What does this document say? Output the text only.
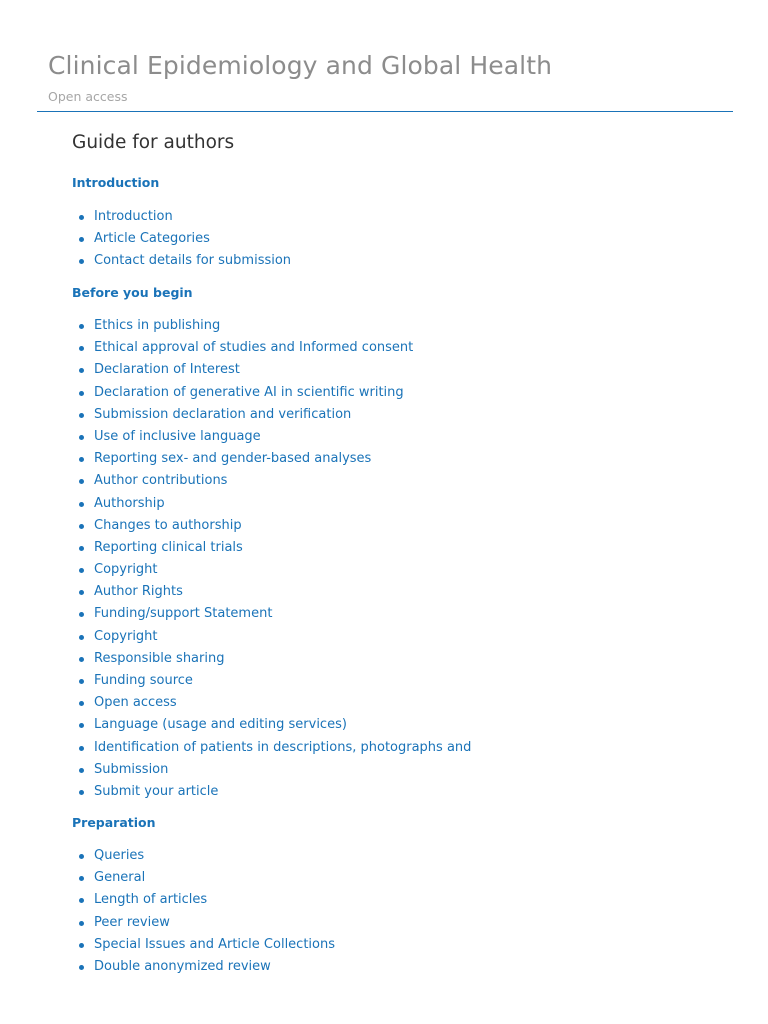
Clinical Epidemiology and Global Health
Open access
Guide for authors
Introduction
Introduction
Article Categories
Contact details for submission
Before you begin
Ethics in publishing
Ethical approval of studies and Informed consent
Declaration of Interest
Declaration of generative AI in scientific writing
Submission declaration and verification
Use of inclusive language
Reporting sex- and gender-based analyses
Author contributions
Authorship
Changes to authorship
Reporting clinical trials
Copyright
Author Rights
Funding/support Statement
Copyright
Responsible sharing
Funding source
Open access
Language (usage and editing services)
Identification of patients in descriptions, photographs and
Submission
Submit your article
Preparation
Queries
General
Length of articles
Peer review
Special Issues and Article Collections
Double anonymized review
